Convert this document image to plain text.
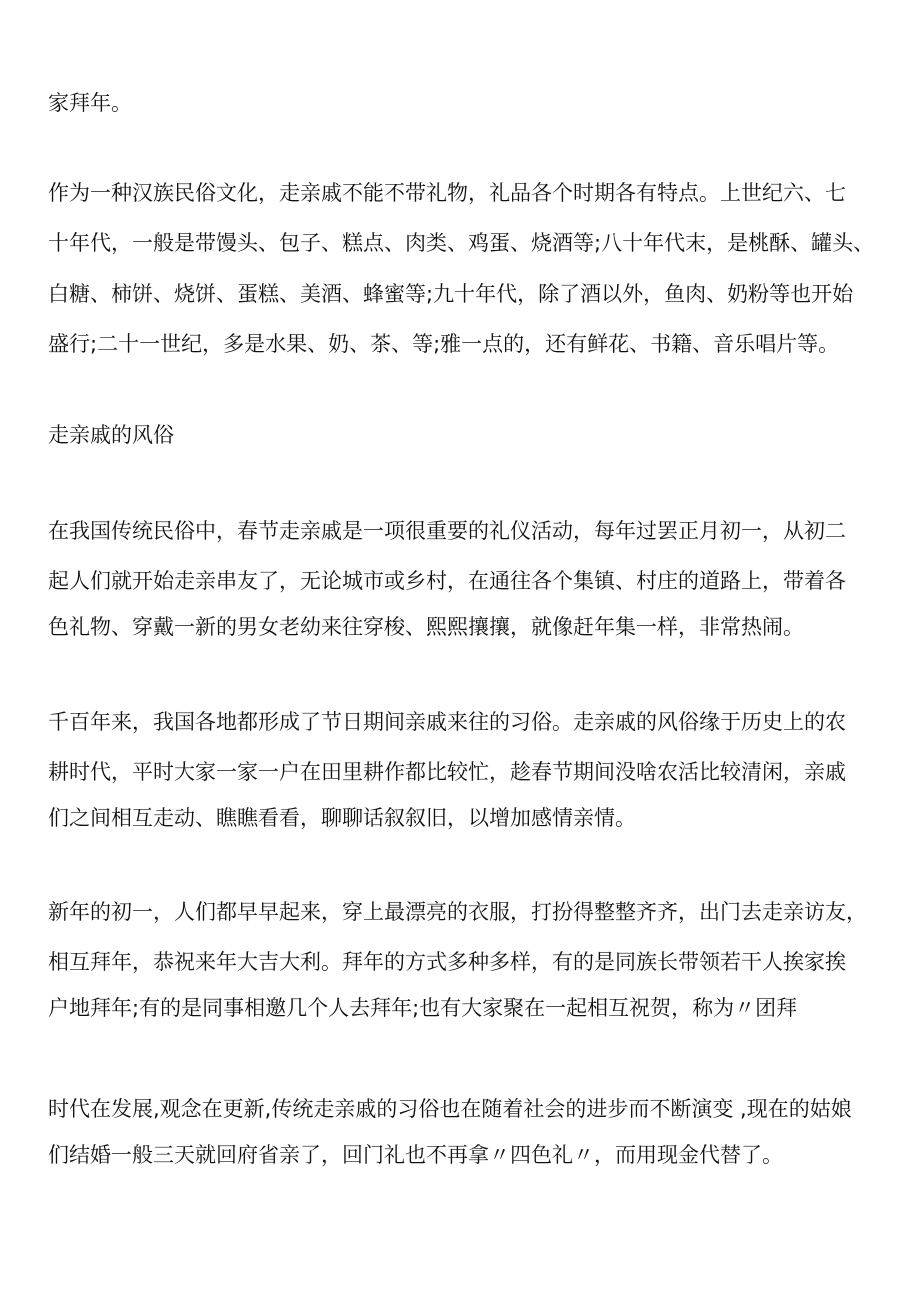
家拜年。

作为一种汉族民俗文化，走亲戚不能不带礼物，礼品各个时期各有特点。上世纪六、七

十年代，一般是带馒头、包子、糕点、肉类、鸡蛋、烧酒等;八十年代末，是桃酥、罐头、

白糖、柿饼、烧饼、蛋糕、美酒、蜂蜜等;九十年代，除了酒以外，鱼肉、奶粉等也开始

盛行;二十一世纪，多是水果、奶、茶、等;雅一点的，还有鲜花、书籍、音乐唱片等。

走亲戚的风俗

在我国传统民俗中，春节走亲戚是一项很重要的礼仪活动，每年过罢正月初一，从初二

起人们就开始走亲串友了，无论城市或乡村，在通往各个集镇、村庄的道路上，带着各

色礼物、穿戴一新的男女老幼来往穿梭、熙熙攘攘，就像赶年集一样，非常热闹。

千百年来，我国各地都形成了节日期间亲戚来往的习俗。走亲戚的风俗缘于历史上的农

耕时代，平时大家一家一户在田里耕作都比较忙，趁春节期间没啥农活比较清闲，亲戚

们之间相互走动、瞧瞧看看，聊聊话叙叙旧，以增加感情亲情。

新年的初一，人们都早早起来，穿上最漂亮的衣服，打扮得整整齐齐，出门去走亲访友，

相互拜年，恭祝来年大吉大利。拜年的方式多种多样，有的是同族长带领若干人挨家挨

户地拜年;有的是同事相邀几个人去拜年;也有大家聚在一起相互祝贺，称为〃团拜

时代在发展,观念在更新,传统走亲戚的习俗也在随着社会的进步而不断演变 ,现在的姑娘

们结婚一般三天就回府省亲了，回门礼也不再拿〃四色礼〃，而用现金代替了。
